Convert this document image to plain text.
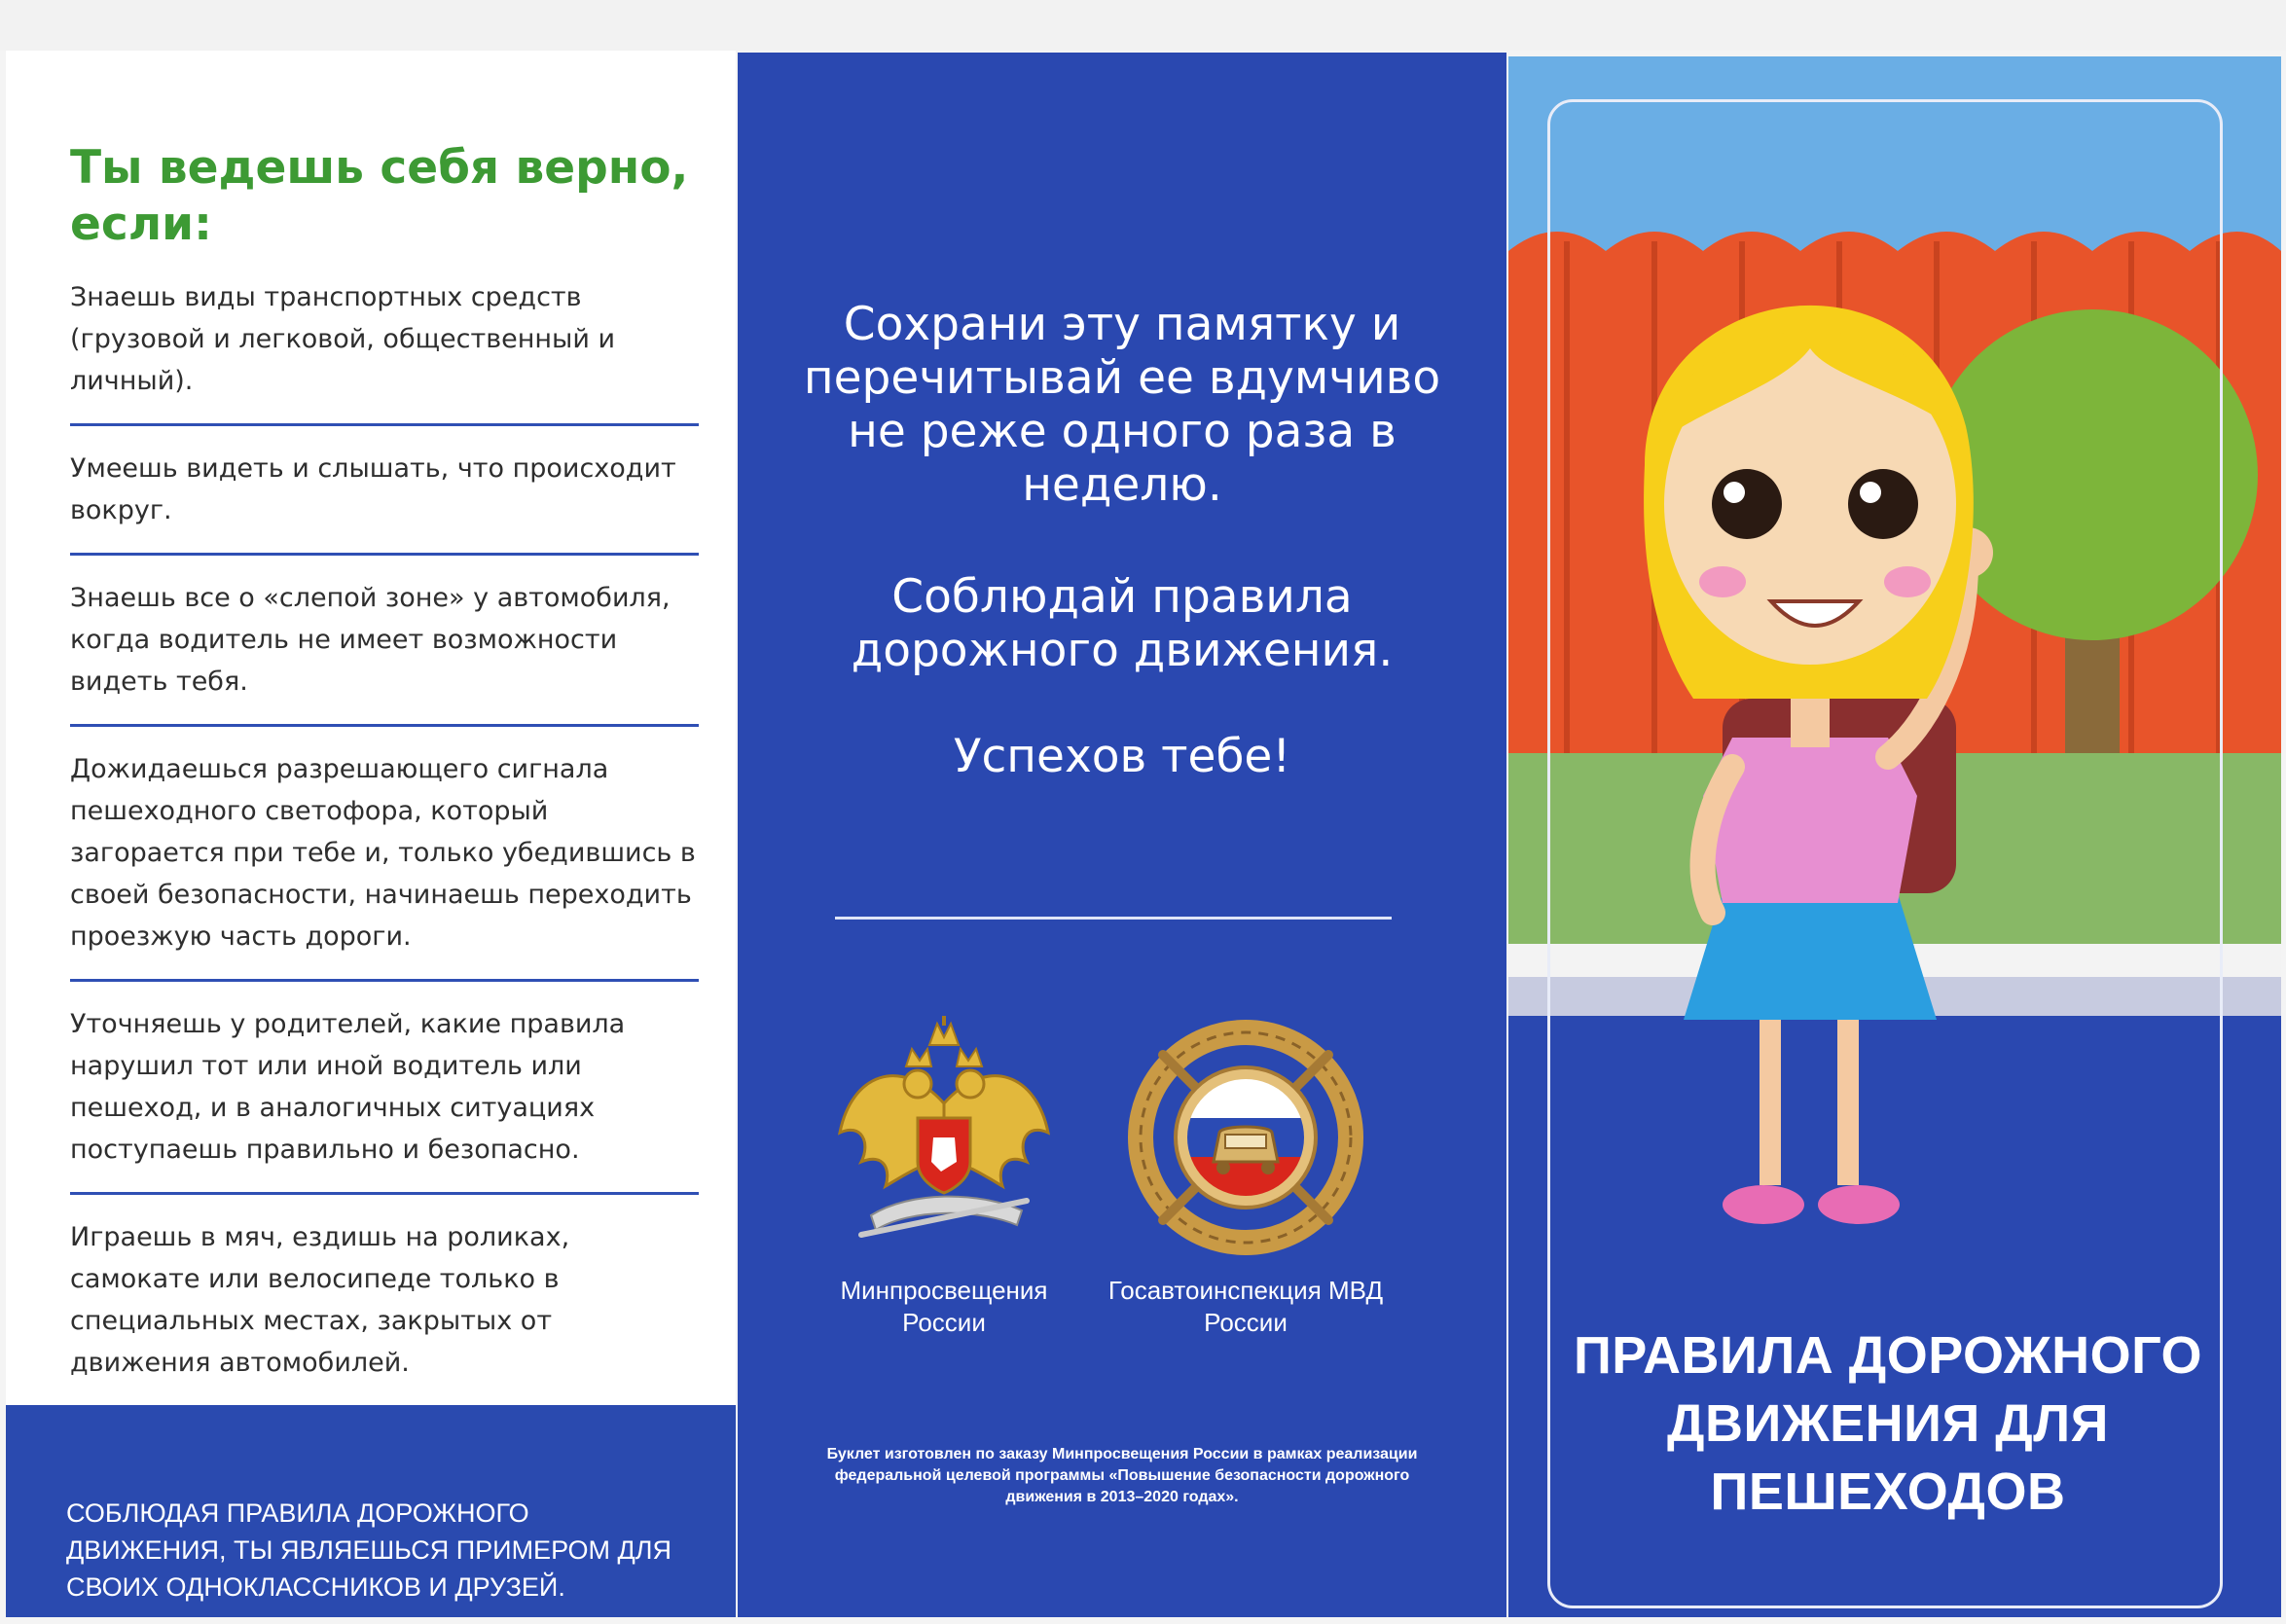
Ты ведешь себя верно, если:
Знаешь виды транспортных средств (грузовой и легковой, общественный и личный).
Умеешь видеть и слышать, что происходит вокруг.
Знаешь все о «слепой зоне» у автомобиля, когда водитель не имеет возможности видеть тебя.
Дожидаешься разрешающего сигнала пешеходного светофора, который загорается при тебе и, только убедившись в своей безопасности, начинаешь переходить проезжую часть дороги.
Уточняешь у родителей, какие правила нарушил тот или иной водитель или пешеход, и в аналогичных ситуациях поступаешь правильно и безопасно.
Играешь в мяч, ездишь на роликах, самокате или велосипеде только в специальных местах, закрытых от движения автомобилей.
СОБЛЮДАЯ ПРАВИЛА ДОРОЖНОГО ДВИЖЕНИЯ, ТЫ ЯВЛЯЕШЬСЯ ПРИМЕРОМ ДЛЯ СВОИХ ОДНОКЛАССНИКОВ И ДРУЗЕЙ.
Сохрани эту памятку и перечитывай ее вдумчиво не реже одного раза в неделю.
Соблюдай правила дорожного движения.
Успехов тебе!
Минпросвещения России
Госавтоинспекция МВД России
Буклет изготовлен по заказу Минпросвещения России в рамках реализации федеральной целевой программы «Повышение безопасности дорожного движения в 2013–2020 годах».
ПРАВИЛА ДОРОЖНОГО ДВИЖЕНИЯ ДЛЯ ПЕШЕХОДОВ
